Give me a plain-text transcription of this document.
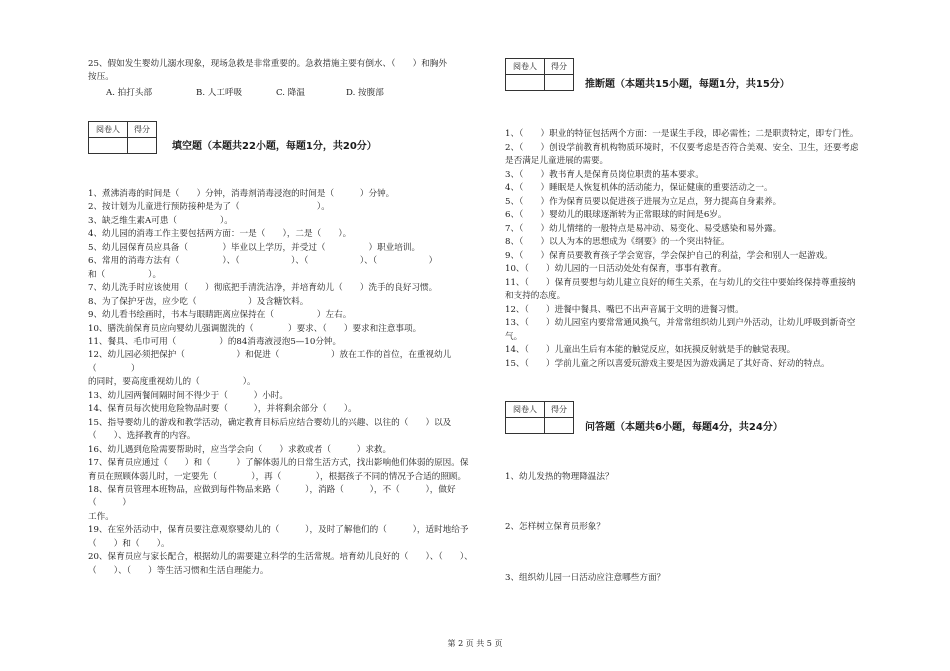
25、假如发生婴幼儿溺水现象，现场急救是非常重要的。急救措施主要有倒水、（　　）和胸外

按压。

A. 拍打头部	B. 人工呼吸	C. 降温	D. 按腹部
阅卷人	得分

填空题（本题共22小题，每题1分，共20分）

1、煮沸消毒的时间是（　　）分钟，消毒剂消毒浸泡的时间是（　　　）分钟。

2、按计划为儿童进行预防接种是为了（　　　　　　　　　）。

3、缺乏维生素A可患（　　　　　）。

4、幼儿园的消毒工作主要包括两方面：一是（　　），二是（　　）。

5、幼儿园保育员应具备（　　　　）毕业以上学历，并受过（　　　　　）职业培训。

6、常用的消毒方法有（　　　　　）、（　　　　　　）、（　　　　　　）、（　　　　　　）

和（　　　　　）。

7、幼儿洗手时应该使用（　　）彻底把手清洗洁净，并培育幼儿（　　）洗手的良好习惯。

8、为了保护牙齿，应少吃（　　　　　　）及含糖饮料。

9、幼儿看书绘画时，书本与眼睛距离应保持在（　　　　　）左右。

10、膳洗前保育员应向婴幼儿强调盥洗的（　　　　）要求、（　　）要求和注意事项。

11、餐具、毛巾可用（　　　　　）的84消毒液浸泡5—10分钟。

12、幼儿园必须把保护（　　　　　　）和促进（　　　　　　）放在工作的首位，在重视幼儿（　　　　）

的同时，要高度重视幼儿的（　　　　　）。

13、幼儿园两餐间隔时间不得少于（　　　）小时。

14、保育员每次使用危险物品时要（　　　），并将剩余部分（　　）。

15、指导婴幼儿的游戏和教学活动，确定教育目标后应结合婴幼儿的兴趣、以往的（　　）以及

（　　）、选择教育的内容。

16、幼儿遇到危险需要帮助时，应当学会向（　　）求救或者（　　　）求救。

17、保育员应通过（　　）和（　　　）了解体弱儿的日常生活方式，找出影响他们体弱的原因。保

育员在照顾体弱儿时，一定要先（　　　　），再（　　　　），根据孩子不同的情况予合适的照顾。

18、保育员管理本班物品，应做到每件物品来路（　　　），消路（　　　），不（　　　），做好（　　　）

工作。

19、在室外活动中，保育员要注意观察婴幼儿的（　　　），及时了解他们的（　　　），适时地给予

（　　）和（　　）。

20、保育员应与家长配合，根据幼儿的需要建立科学的生活常规。培育幼儿良好的（　　）、（　　）、

（　　）、（　　）等生活习惯和生活自理能力。

阅卷人	得分

推断题（本题共15小题，每题1分，共15分）

1、（　　）职业的特征包括两个方面：一是谋生手段，即必需性；二是职责特定，即专门性。

2、（　　）创设学前教育机构物质环境时，不仅要考虑是否符合美观、安全、卫生，还要考虑

是否满足儿童进展的需要。

3、（　　）教书育人是保育员岗位职责的基本要求。

4、（　　）睡眠是人恢复机体的活动能力，保证健康的重要活动之一。

5、（　　）作为保育员要以促进孩子进展为立足点，努力提高自身素养。

6、（　　）婴幼儿的眼球逐渐转为正常眼球的时间是6岁。

7、（　　）幼儿情绪的一般特点是易冲动、易变化、易受感染和易外露。

8、（　　）以人为本的思想成为《纲要》的一个突出特征。

9、（　　）保育员要教育孩子学会宽容，学会保护自己的利益，学会和别人一起游戏。

10、（　　）幼儿园的一日活动处处有保育，事事有教育。

11、（　　）保育员要想与幼儿建立良好的师生关系，在与幼儿的交往中要始终保持尊重接纳

和支持的态度。

12、（　　）进餐中餐具、嘴巴不出声音属于文明的进餐习惯。

13、（　　）幼儿园室内要常常通风换气，并常常组织幼儿到户外活动，让幼儿呼吸到新奇空

气。

14、（　　）儿童出生后有本能的触觉反应，如抚摸反射就是手的触觉表现。

15、（　　）学前儿童之所以喜爱玩游戏主要是因为游戏满足了其好奇、好动的特点。

阅卷人	得分

问答题（本题共6小题，每题4分，共24分）
1、幼儿发热的物理降温法？
2、怎样树立保育员形象？
3、组织幼儿园一日活动应注意哪些方面？
第 2 页 共 5 页
